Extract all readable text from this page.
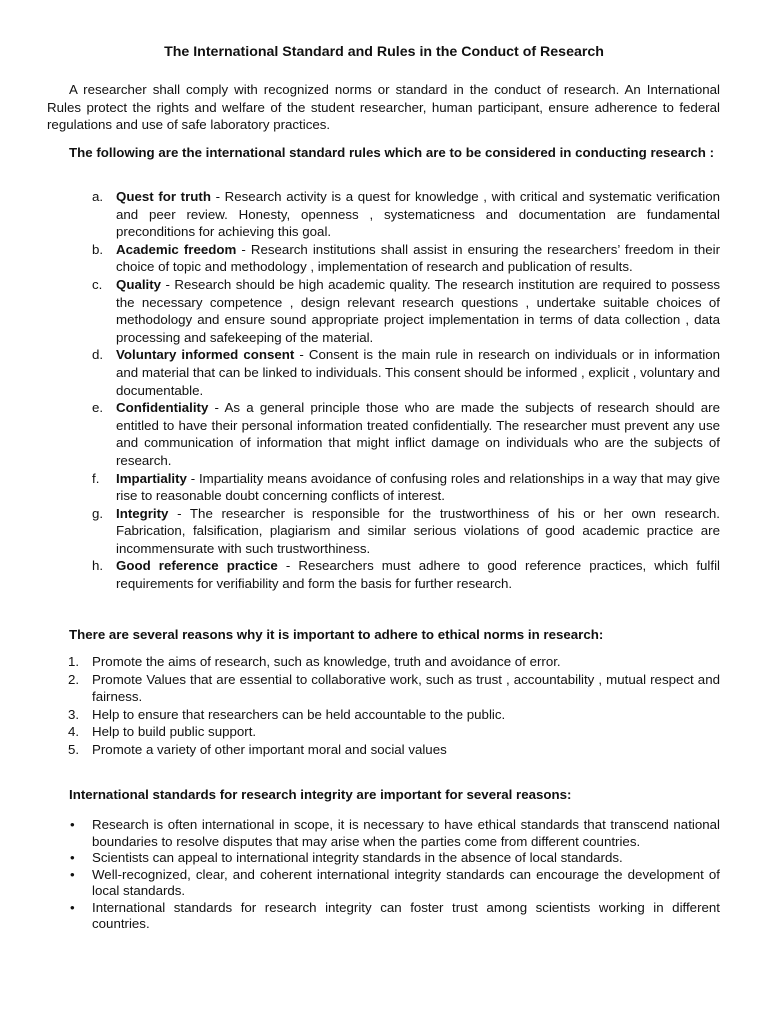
The International Standard and Rules in the Conduct of Research

A researcher shall comply with recognized norms or standard in the conduct of research. An International Rules protect the rights and welfare of the student researcher, human participant, ensure adherence to federal regulations and use of safe laboratory practices.

The following are the international standard rules which are to be considered in conducting research :

a. Quest for truth - Research activity is a quest for knowledge , with critical and systematic verification and peer review. Honesty, openness , systematicness and documentation are fundamental preconditions for achieving this goal.
b. Academic freedom - Research institutions shall assist in ensuring the researchers’ freedom in their choice of topic and methodology , implementation of research and publication of results.
c. Quality - Research should be high academic quality. The research institution are required to possess the necessary competence , design relevant research questions , undertake suitable choices of methodology and ensure sound appropriate project implementation in terms of data collection , data processing and safekeeping of the material.
d. Voluntary informed consent - Consent is the main rule in research on individuals or in information and material that can be linked to individuals. This consent should be informed , explicit , voluntary and documentable.
e. Confidentiality - As a general principle those who are made the subjects of research should are entitled to have their personal information treated confidentially. The researcher must prevent any use and communication of information that might inflict damage on individuals who are the subjects of research.
f. Impartiality - Impartiality means avoidance of confusing roles and relationships in a way that may give rise to reasonable doubt concerning conflicts of interest.
g. Integrity - The researcher is responsible for the trustworthiness of his or her own research. Fabrication, falsification, plagiarism and similar serious violations of good academic practice are incommensurate with such trustworthiness.
h. Good reference practice - Researchers must adhere to good reference practices, which fulfil requirements for verifiability and form the basis for further research.

There are several reasons why it is important to adhere to ethical norms in research:

1. Promote the aims of research, such as knowledge, truth and avoidance of error.
2. Promote Values that are essential to collaborative work, such as trust , accountability , mutual respect and fairness.
3. Help to ensure that researchers can be held accountable to the public.
4. Help to build public support.
5. Promote a variety of other important moral and social values

International standards for research integrity are important for several reasons:

• Research is often international in scope, it is necessary to have ethical standards that transcend national boundaries to resolve disputes that may arise when the parties come from different countries.
• Scientists can appeal to international integrity standards in the absence of local standards.
• Well-recognized, clear, and coherent international integrity standards can encourage the development of local standards.
• International standards for research integrity can foster trust among scientists working in different countries.
